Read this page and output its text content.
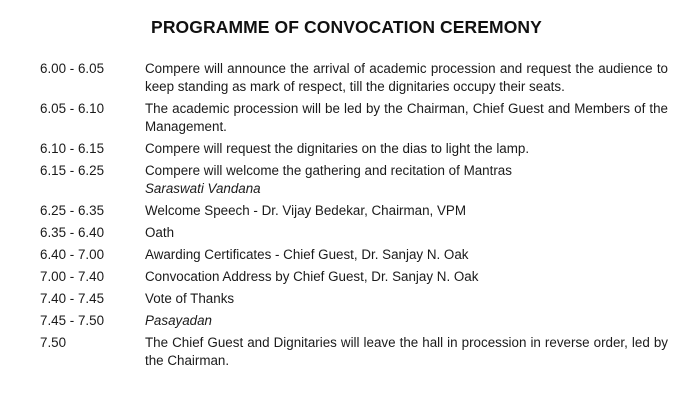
PROGRAMME OF CONVOCATION CEREMONY
6.00 - 6.05	Compere will announce the arrival of academic procession and request the audience to keep standing as mark of respect, till the dignitaries occupy their seats.
6.05 - 6.10	The academic procession will be led by the Chairman, Chief Guest and Members of the Management.
6.10 - 6.15	Compere will request the dignitaries on the dias to light the lamp.
6.15 - 6.25	Compere will welcome the gathering and recitation of Mantras
Saraswati Vandana
6.25 - 6.35	Welcome Speech - Dr. Vijay Bedekar, Chairman, VPM
6.35 - 6.40	Oath
6.40 - 7.00	Awarding Certificates - Chief Guest, Dr. Sanjay N. Oak
7.00 - 7.40	Convocation Address by Chief Guest, Dr. Sanjay N. Oak
7.40 - 7.45	Vote of Thanks
7.45 - 7.50	Pasayadan
7.50	The Chief Guest and Dignitaries will leave the hall in procession in reverse order, led by the Chairman.
